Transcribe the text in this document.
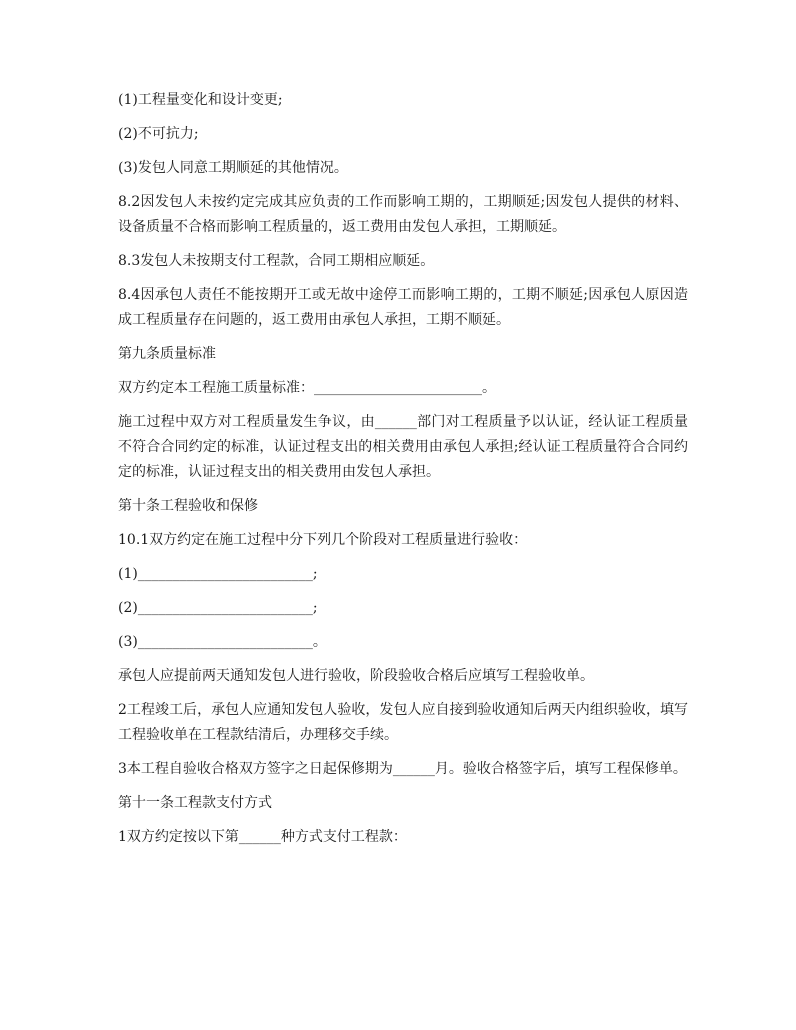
(1)工程量变化和设计变更;

(2)不可抗力;

(3)发包人同意工期顺延的其他情况。

8.2因发包人未按约定完成其应负责的工作而影响工期的，工期顺延;因发包人提供的材料、设备质量不合格而影响工程质量的，返工费用由发包人承担，工期顺延。

8.3发包人未按期支付工程款，合同工期相应顺延。

8.4因承包人责任不能按期开工或无故中途停工而影响工期的，工期不顺延;因承包人原因造成工程质量存在问题的，返工费用由承包人承担，工期不顺延。

第九条质量标准

双方约定本工程施工质量标准：________________________。

施工过程中双方对工程质量发生争议，由______部门对工程质量予以认证，经认证工程质量不符合合同约定的标准，认证过程支出的相关费用由承包人承担;经认证工程质量符合合同约定的标准，认证过程支出的相关费用由发包人承担。

第十条工程验收和保修

10.1双方约定在施工过程中分下列几个阶段对工程质量进行验收：

(1)_________________________;

(2)_________________________;

(3)_________________________。

承包人应提前两天通知发包人进行验收，阶段验收合格后应填写工程验收单。

2工程竣工后，承包人应通知发包人验收，发包人应自接到验收通知后两天内组织验收，填写工程验收单在工程款结清后，办理移交手续。

3本工程自验收合格双方签字之日起保修期为______月。验收合格签字后，填写工程保修单。

第十一条工程款支付方式

1双方约定按以下第______种方式支付工程款：
